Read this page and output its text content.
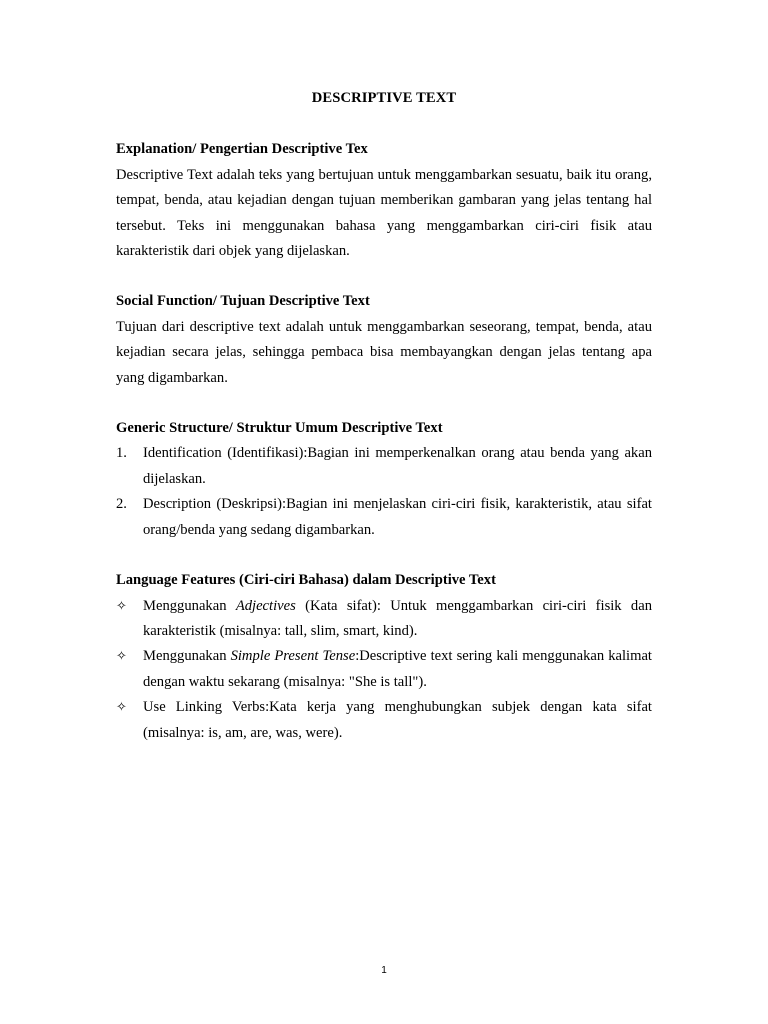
DESCRIPTIVE TEXT

Explanation/ Pengertian Descriptive Tex

Descriptive Text adalah teks yang bertujuan untuk menggambarkan sesuatu, baik itu orang, tempat, benda, atau kejadian dengan tujuan memberikan gambaran yang jelas tentang hal tersebut. Teks ini menggunakan bahasa yang menggambarkan ciri-ciri fisik atau karakteristik dari objek yang dijelaskan.

Social Function/ Tujuan Descriptive Text

Tujuan dari descriptive text adalah untuk menggambarkan seseorang, tempat, benda, atau kejadian secara jelas, sehingga pembaca bisa membayangkan dengan jelas tentang apa yang digambarkan.

Generic Structure/ Struktur Umum Descriptive Text

1.	Identification (Identifikasi):Bagian ini memperkenalkan orang atau benda yang akan dijelaskan.
2.	Description (Deskripsi):Bagian ini menjelaskan ciri-ciri fisik, karakteristik, atau sifat orang/benda yang sedang digambarkan.

Language Features (Ciri-ciri Bahasa) dalam Descriptive Text

✧	Menggunakan Adjectives (Kata sifat): Untuk menggambarkan ciri-ciri fisik dan karakteristik (misalnya: tall, slim, smart, kind).
✧	Menggunakan Simple Present Tense:Descriptive text sering kali menggunakan kalimat dengan waktu sekarang (misalnya: "She is tall").
✧	Use Linking Verbs:Kata kerja yang menghubungkan subjek dengan kata sifat (misalnya: is, am, are, was, were).
1
